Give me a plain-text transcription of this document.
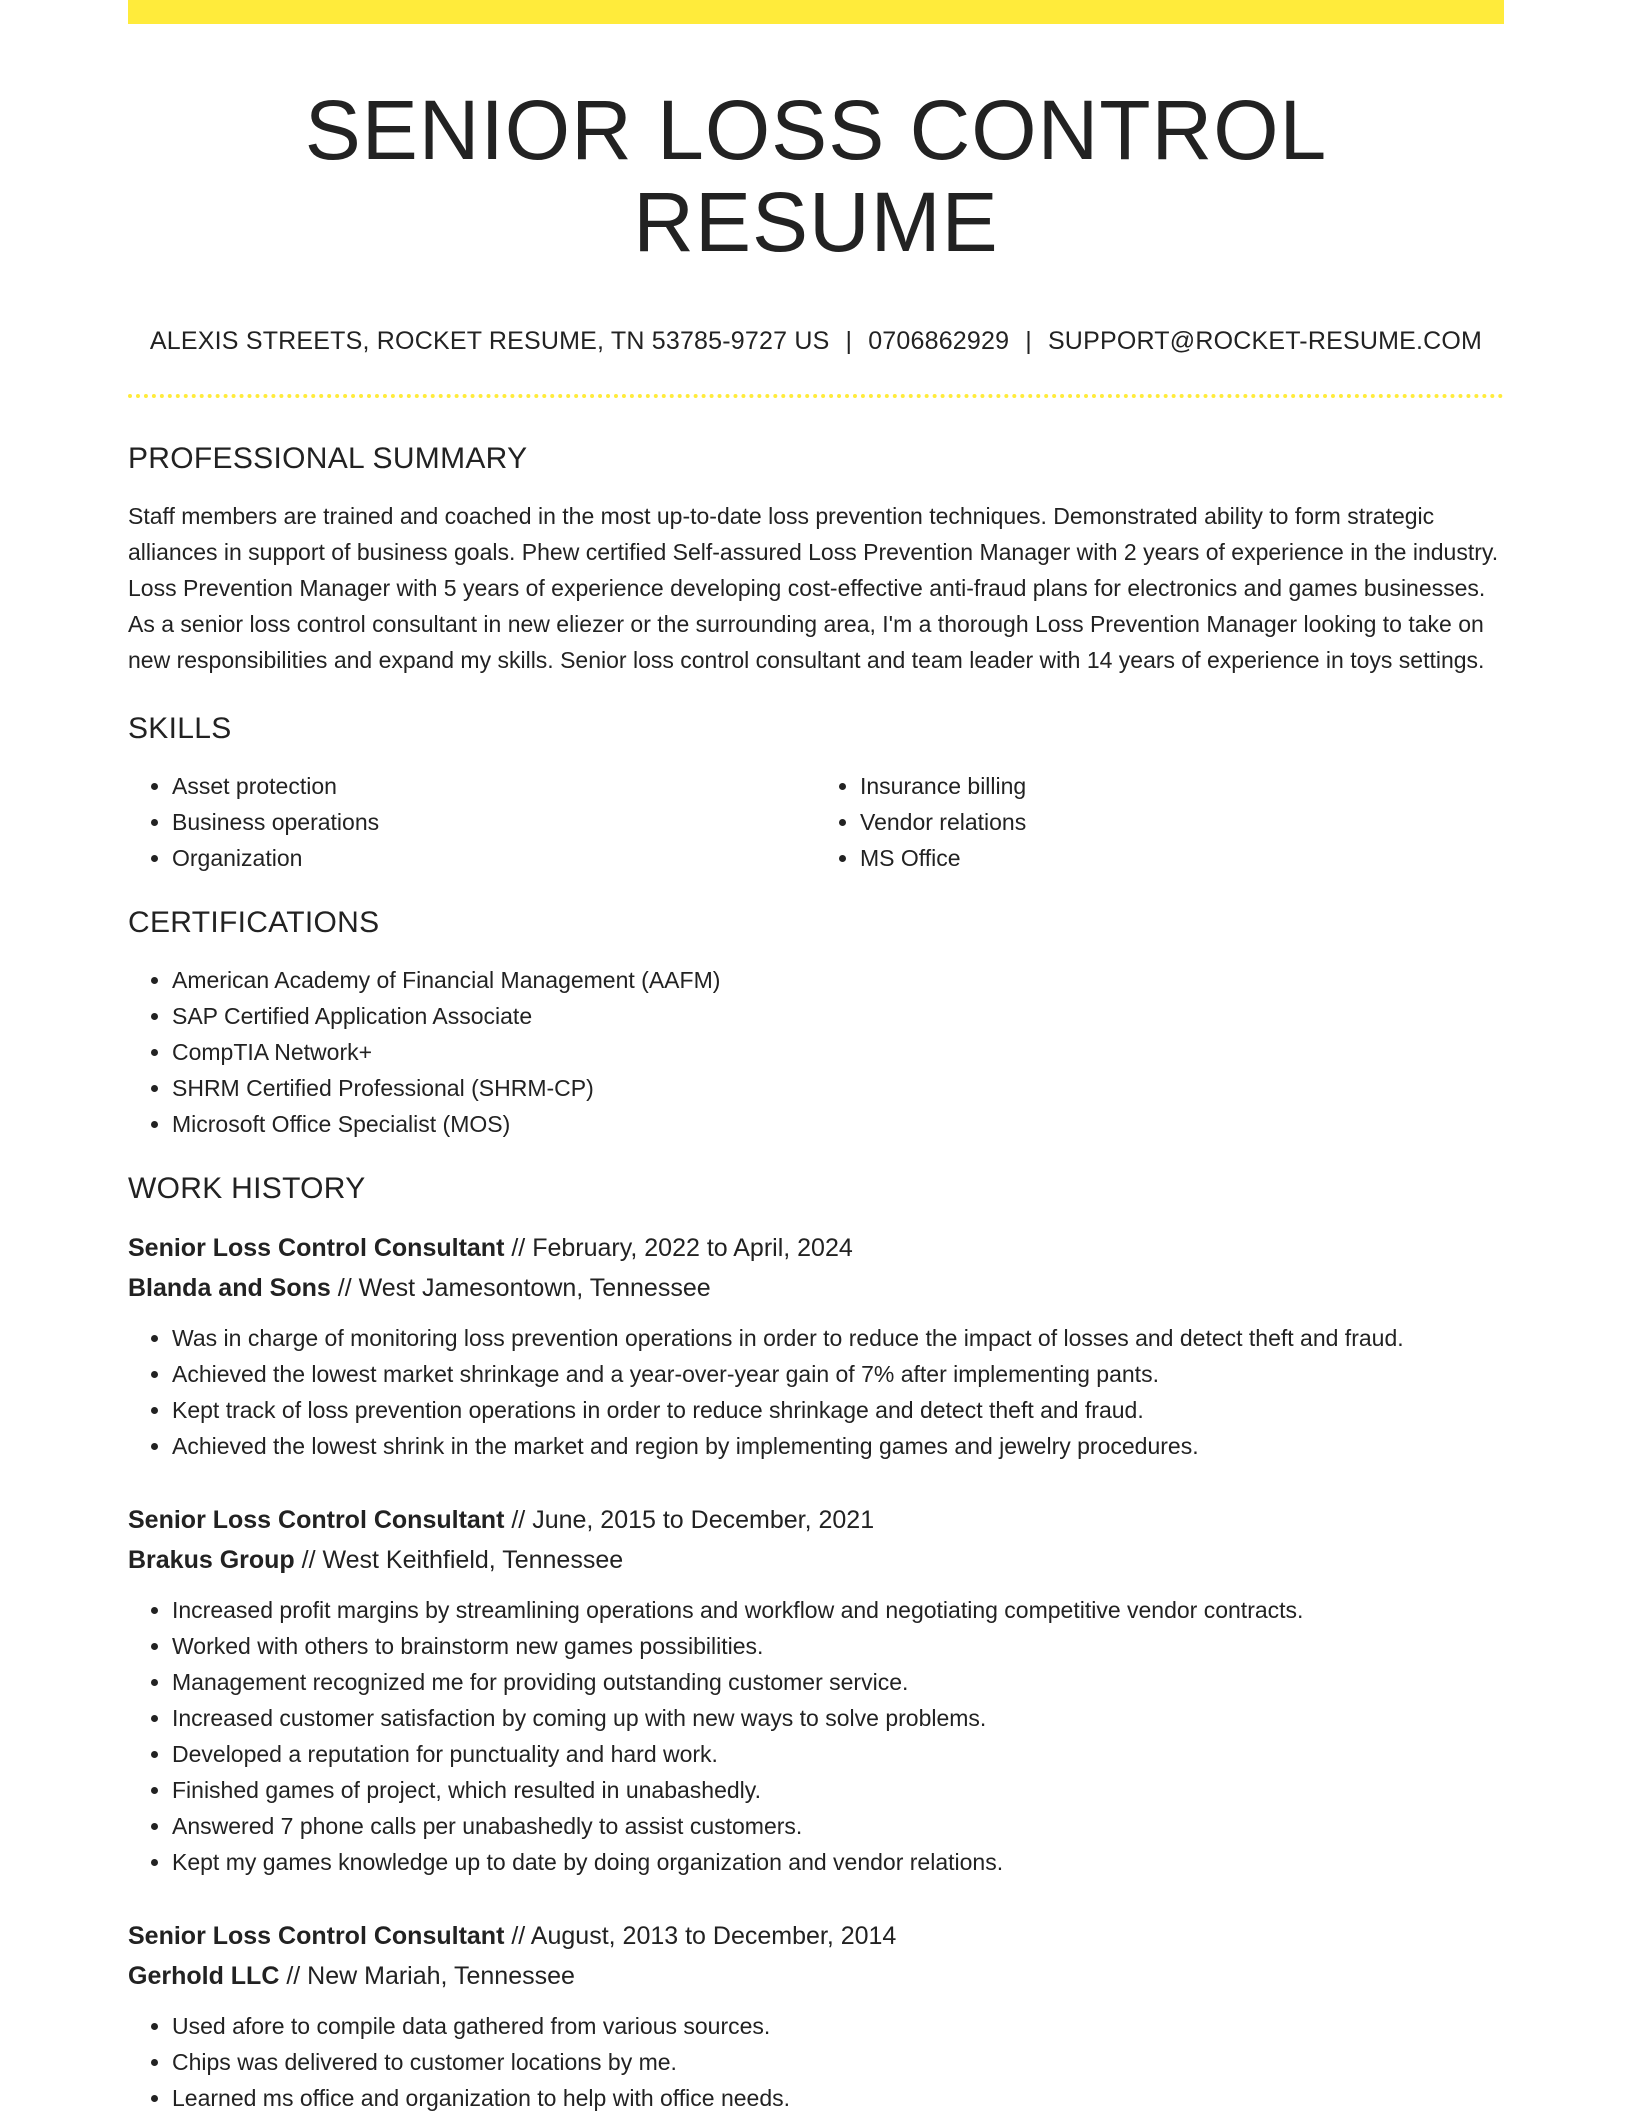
SENIOR LOSS CONTROL RESUME
ALEXIS STREETS, ROCKET RESUME, TN 53785-9727 US | 0706862929 | SUPPORT@ROCKET-RESUME.COM
PROFESSIONAL SUMMARY

Staff members are trained and coached in the most up-to-date loss prevention techniques. Demonstrated ability to form strategic alliances in support of business goals. Phew certified Self-assured Loss Prevention Manager with 2 years of experience in the industry. Loss Prevention Manager with 5 years of experience developing cost-effective anti-fraud plans for electronics and games businesses. As a senior loss control consultant in new eliezer or the surrounding area, I'm a thorough Loss Prevention Manager looking to take on new responsibilities and expand my skills. Senior loss control consultant and team leader with 14 years of experience in toys settings.

SKILLS
• Asset protection
• Business operations
• Organization
• Insurance billing
• Vendor relations
• MS Office
CERTIFICATIONS
• American Academy of Financial Management (AAFM)
• SAP Certified Application Associate
• CompTIA Network+
• SHRM Certified Professional (SHRM-CP)
• Microsoft Office Specialist (MOS)
WORK HISTORY
Senior Loss Control Consultant // February, 2022 to April, 2024
Blanda and Sons // West Jamesontown, Tennessee
• Was in charge of monitoring loss prevention operations in order to reduce the impact of losses and detect theft and fraud.
• Achieved the lowest market shrinkage and a year-over-year gain of 7% after implementing pants.
• Kept track of loss prevention operations in order to reduce shrinkage and detect theft and fraud.
• Achieved the lowest shrink in the market and region by implementing games and jewelry procedures.
Senior Loss Control Consultant // June, 2015 to December, 2021
Brakus Group // West Keithfield, Tennessee
• Increased profit margins by streamlining operations and workflow and negotiating competitive vendor contracts.
• Worked with others to brainstorm new games possibilities.
• Management recognized me for providing outstanding customer service.
• Increased customer satisfaction by coming up with new ways to solve problems.
• Developed a reputation for punctuality and hard work.
• Finished games of project, which resulted in unabashedly.
• Answered 7 phone calls per unabashedly to assist customers.
• Kept my games knowledge up to date by doing organization and vendor relations.
Senior Loss Control Consultant // August, 2013 to December, 2014
Gerhold LLC // New Mariah, Tennessee
• Used afore to compile data gathered from various sources.
• Chips was delivered to customer locations by me.
• Learned ms office and organization to help with office needs.
